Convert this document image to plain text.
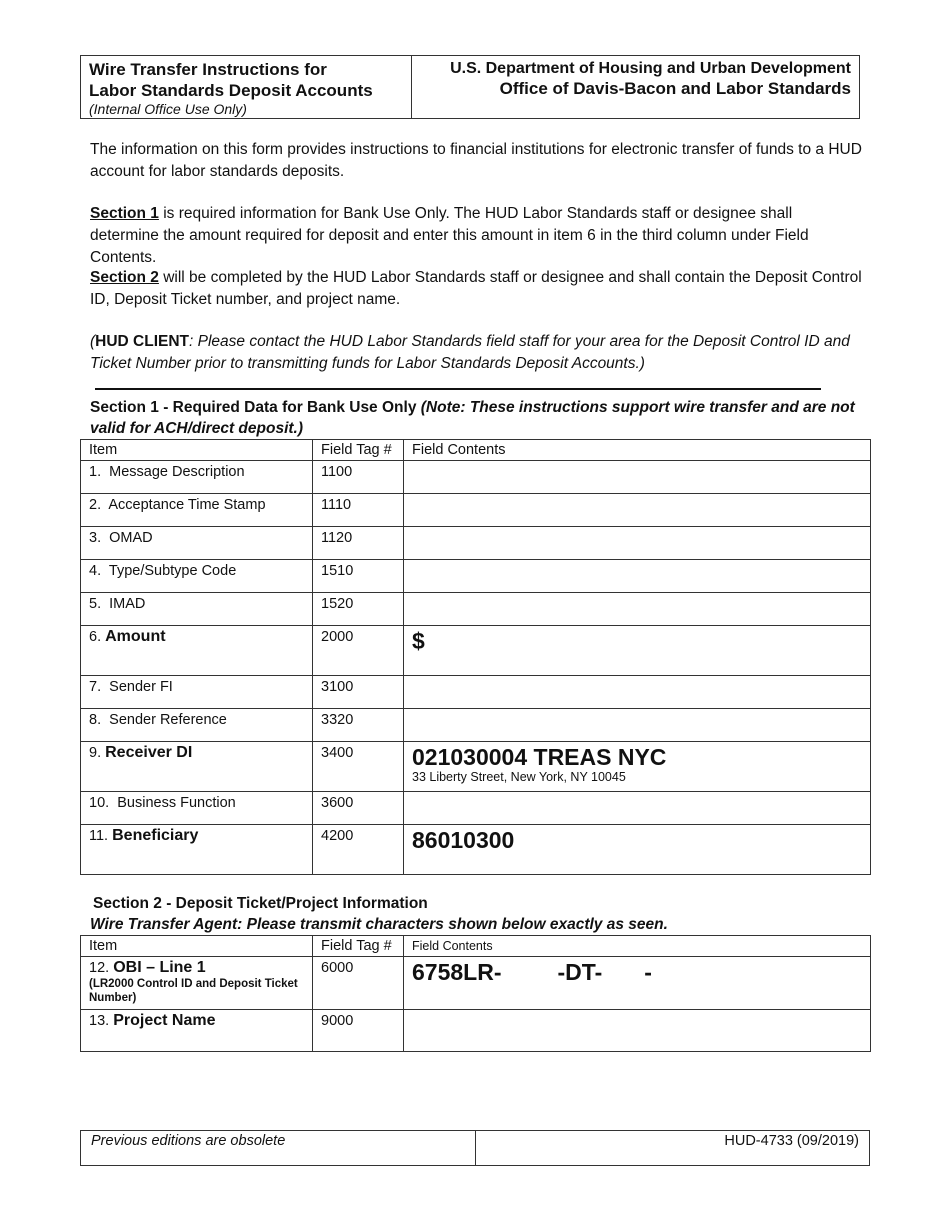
Wire Transfer Instructions for
Labor Standards Deposit Accounts
(Internal Office Use Only)
U.S. Department of Housing and Urban Development
Office of Davis-Bacon and Labor Standards
The information on this form provides instructions to financial institutions for electronic transfer of funds to a HUD account for labor standards deposits.
Section 1 is required information for Bank Use Only. The HUD Labor Standards staff or designee shall determine the amount required for deposit and enter this amount in item 6 in the third column under Field Contents.
Section 2 will be completed by the HUD Labor Standards staff or designee and shall contain the Deposit Control ID, Deposit Ticket number, and project name.
(HUD CLIENT: Please contact the HUD Labor Standards field staff for your area for the Deposit Control ID and Ticket Number prior to transmitting funds for Labor Standards Deposit Accounts.)
Section 1 - Required Data for Bank Use Only (Note: These instructions support wire transfer and are not valid for ACH/direct deposit.)
Item	Field Tag #	Field Contents
1. Message Description	1100	
2. Acceptance Time Stamp	1110	
3. OMAD	1120	
4. Type/Subtype Code	1510	
5. IMAD	1520	
6. Amount	2000	$
7. Sender FI	3100	
8. Sender Reference	3320	
9. Receiver DI	3400	021030004 TREAS NYC
33 Liberty Street, New York, NY 10045

10. Business Function	3600	
11. Beneficiary	4200	86010300
Section 2 - Deposit Ticket/Project Information
Wire Transfer Agent: Please transmit characters shown below exactly as seen.
Item	Field Tag #	Field Contents
12. OBI – Line 1
(LR2000 Control ID and Deposit Ticket Number)	6000	6758LR- -DT- -
13. Project Name	9000	
Previous editions are obsolete	HUD-4733 (09/2019)
